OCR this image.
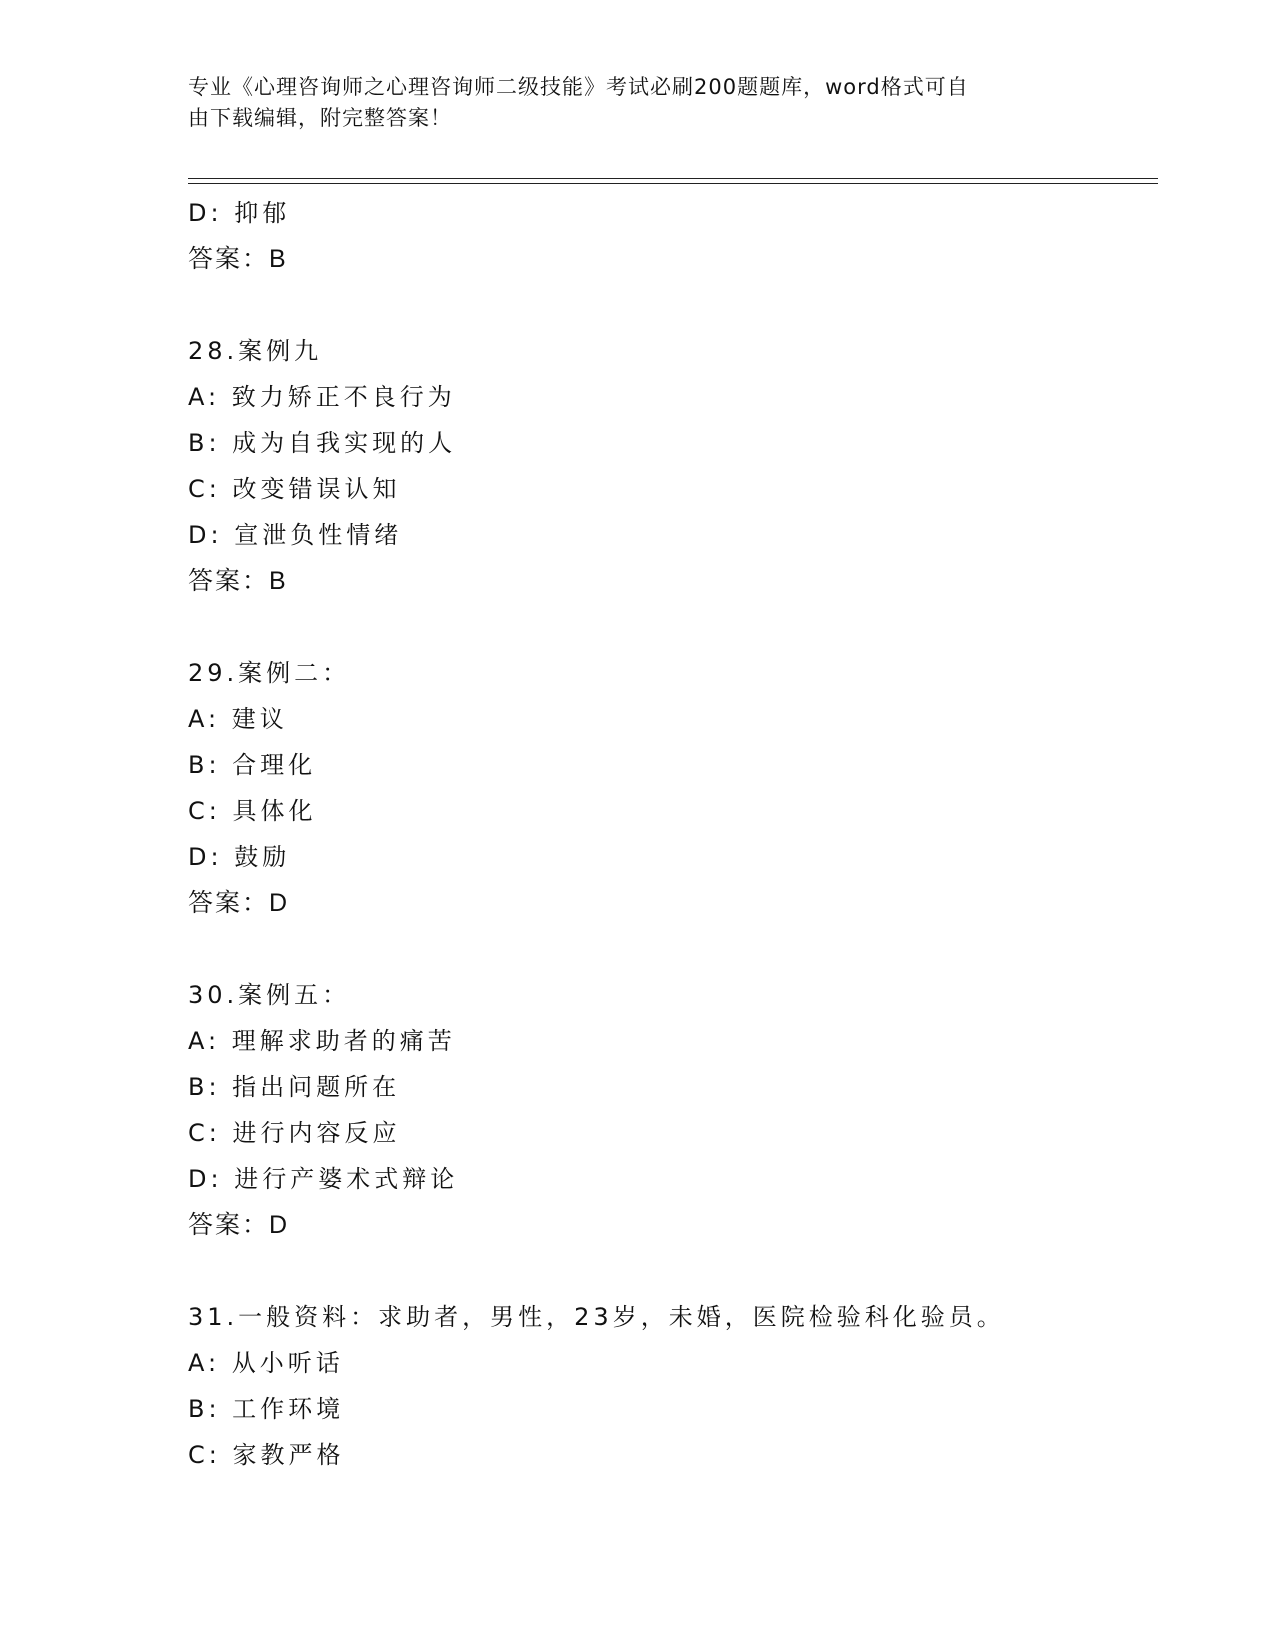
专业《心理咨询师之心理咨询师二级技能》考试必刷200题题库，word格式可自
由下载编辑，附完整答案！
D: 抑郁
答案：B
28.案例九
A: 致力矫正不良行为
B: 成为自我实现的人
C: 改变错误认知
D: 宣泄负性情绪
答案：B
29.案例二：
A: 建议
B: 合理化
C: 具体化
D: 鼓励
答案：D
30.案例五：
A: 理解求助者的痛苦
B: 指出问题所在
C: 进行内容反应
D: 进行产婆术式辩论
答案：D
31.一般资料：求助者，男性，23岁，未婚，医院检验科化验员。
A: 从小听话
B: 工作环境
C: 家教严格
